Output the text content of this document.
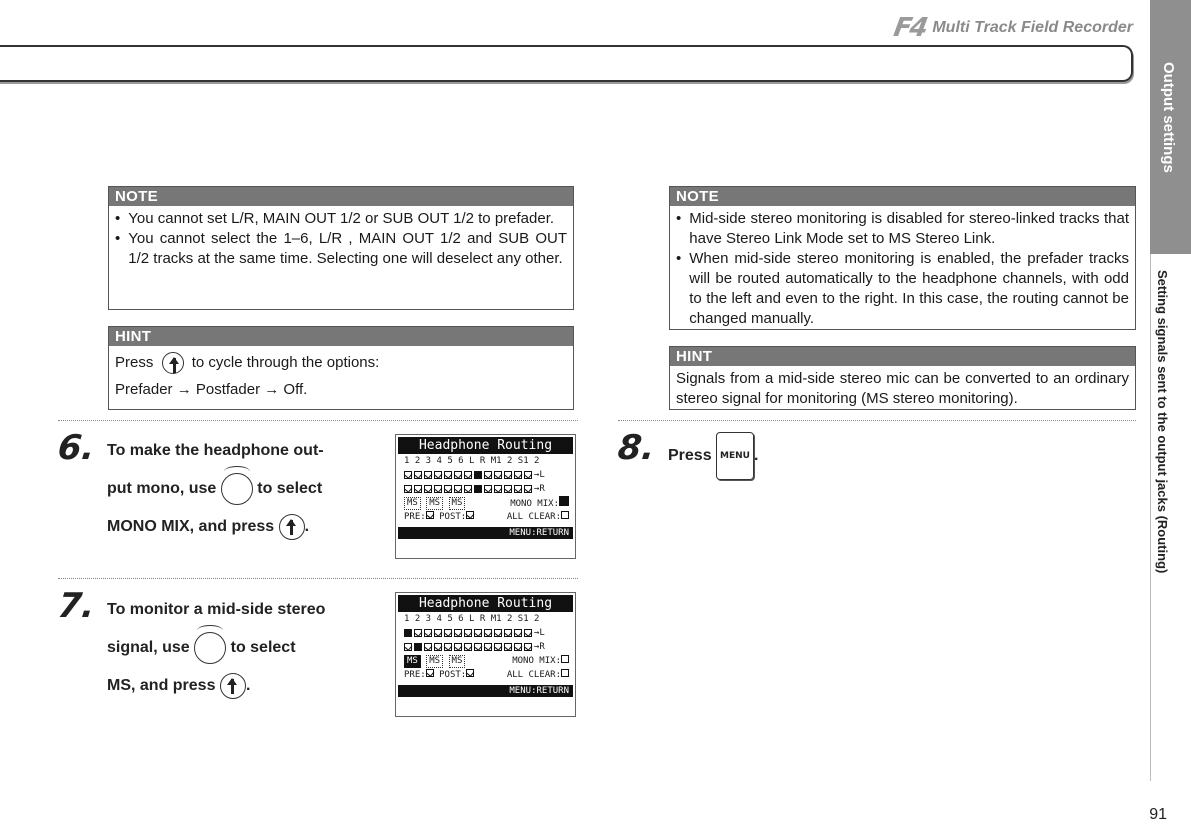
F4 Multi Track Field Recorder
Output settings
Setting signals sent to the output jacks (Routing)
NOTE
• You cannot set L/R, MAIN OUT 1/2 or SUB OUT 1/2 to prefader.

• You cannot select the 1–6, L/R , MAIN OUT 1/2 and SUB OUT 1/2 tracks at the same time. Selecting one will deselect any other.

HINT

Press	to cycle through the options:

Prefader → Postfader → Off.

6. To make the headphone out-
put mono, use	to select
MONO MIX, and press .
Headphone Routing
1 2 3 4 5 6 L R M1 2 S1 2
→L
→R
MS MS MS	MONO MIX:
PRE: POST:	ALL CLEAR:
MENU:RETURN
7. To monitor a mid-side stereo
signal, use	to select
MS, and press .
Headphone Routing
1 2 3 4 5 6 L R M1 2 S1 2
→L
→R
MS MS MS	MONO MIX:
PRE: POST:	ALL CLEAR:
MENU:RETURN
NOTE
• Mid-side stereo monitoring is disabled for stereo-linked tracks that have Stereo Link Mode set to MS Stereo Link.

• When mid-side stereo monitoring is enabled, the prefader tracks will be routed automatically to the headphone channels, with odd to the left and even to the right. In this case, the routing cannot be changed manually.

HINT

Signals from a mid-side stereo mic can be converted to an ordinary stereo signal for monitoring (MS stereo monitoring).

8. Press MENU .
91
